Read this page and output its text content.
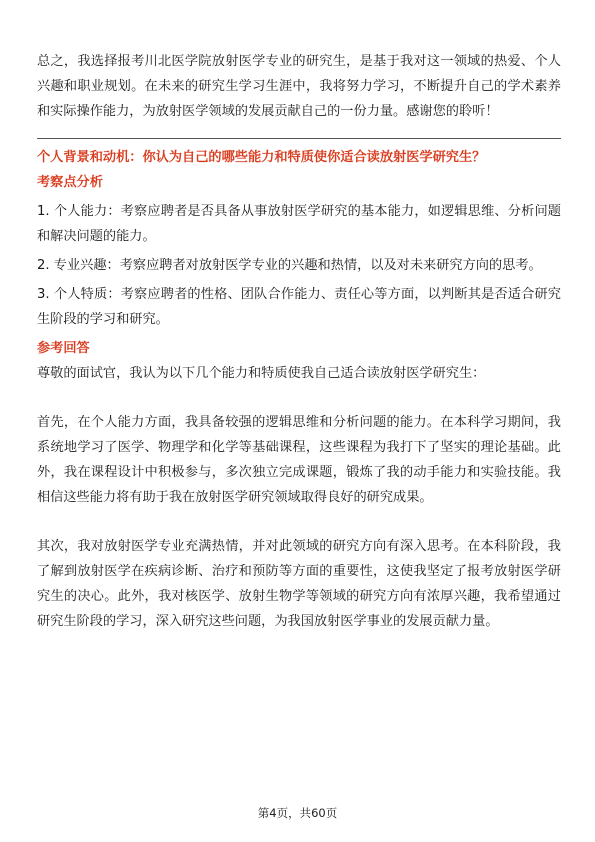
总之，我选择报考川北医学院放射医学专业的研究生，是基于我对这一领域的热爱、个人兴趣和职业规划。在未来的研究生学习生涯中，我将努力学习，不断提升自己的学术素养和实际操作能力，为放射医学领域的发展贡献自己的一份力量。感谢您的聆听！

个人背景和动机：你认为自己的哪些能力和特质使你适合读放射医学研究生？

考察点分析

1. 个人能力：考察应聘者是否具备从事放射医学研究的基本能力，如逻辑思维、分析问题和解决问题的能力。

2. 专业兴趣：考察应聘者对放射医学专业的兴趣和热情，以及对未来研究方向的思考。

3. 个人特质：考察应聘者的性格、团队合作能力、责任心等方面，以判断其是否适合研究生阶段的学习和研究。

参考回答

尊敬的面试官，我认为以下几个能力和特质使我自己适合读放射医学研究生：

首先，在个人能力方面，我具备较强的逻辑思维和分析问题的能力。在本科学习期间，我系统地学习了医学、物理学和化学等基础课程，这些课程为我打下了坚实的理论基础。此外，我在课程设计中积极参与，多次独立完成课题，锻炼了我的动手能力和实验技能。我相信这些能力将有助于我在放射医学研究领域取得良好的研究成果。

其次，我对放射医学专业充满热情，并对此领域的研究方向有深入思考。在本科阶段，我了解到放射医学在疾病诊断、治疗和预防等方面的重要性，这使我坚定了报考放射医学研究生的决心。此外，我对核医学、放射生物学等领域的研究方向有浓厚兴趣，我希望通过研究生阶段的学习，深入研究这些问题，为我国放射医学事业的发展贡献力量。

第4页，共60页
